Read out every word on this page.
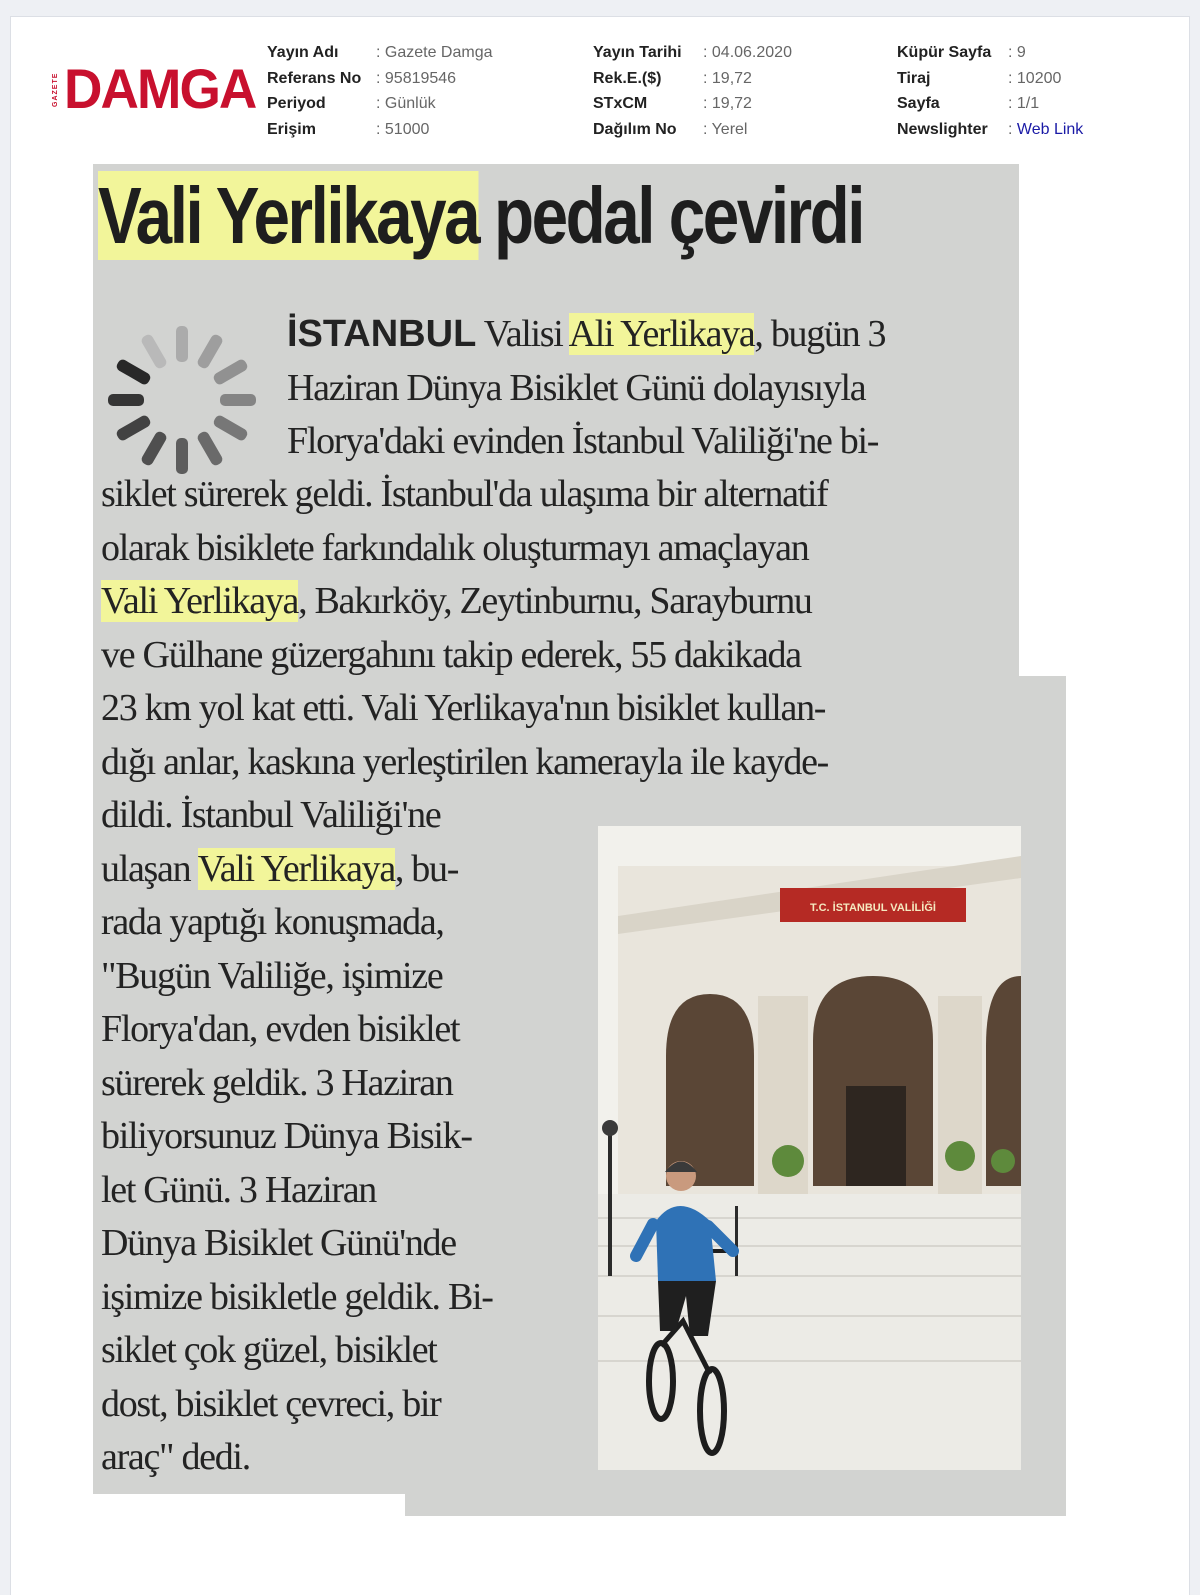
GAZETE DAMGA
Yayın Adı	: Gazete Damga
Referans No : 95819546
Periyod	: Günlük
Erişim	: 51000
Yayın Tarihi	: 04.06.2020
Rek.E.($)	: 19,72
STxCM	: 19,72
Dağılım No	: Yerel
Küpür Sayfa	: 9
Tiraj	: 10200
Sayfa	: 1/1
Newslighter	: Web Link
Vali Yerlikaya pedal çevirdi
İSTANBUL Valisi Ali Yerlikaya, bugün 3
Haziran Dünya Bisiklet Günü dolayısıyla
Florya'daki evinden İstanbul Valiliği'ne bi-
siklet sürerek geldi. İstanbul'da ulaşıma bir alternatif
olarak bisiklete farkındalık oluşturmayı amaçlayan
Vali Yerlikaya, Bakırköy, Zeytinburnu, Sarayburnu
ve Gülhane güzergahını takip ederek, 55 dakikada
23 km yol kat etti. Vali Yerlikaya'nın bisiklet kullan-
dığı anlar, kaskına yerleştirilen kamerayla ile kayde-
dildi. İstanbul Valiliği'ne
ulaşan Vali Yerlikaya, bu-
rada yaptığı konuşmada,
"Bugün Valiliğe, işimize
Florya'dan, evden bisiklet
sürerek geldik. 3 Haziran
biliyorsunuz Dünya Bisik-
let Günü. 3 Haziran
Dünya Bisiklet Günü'nde
işimize bisikletle geldik. Bi-
siklet çok güzel, bisiklet
dost, bisiklet çevreci, bir
araç" dedi.
T.C. İSTANBUL VALİLİĞİ
